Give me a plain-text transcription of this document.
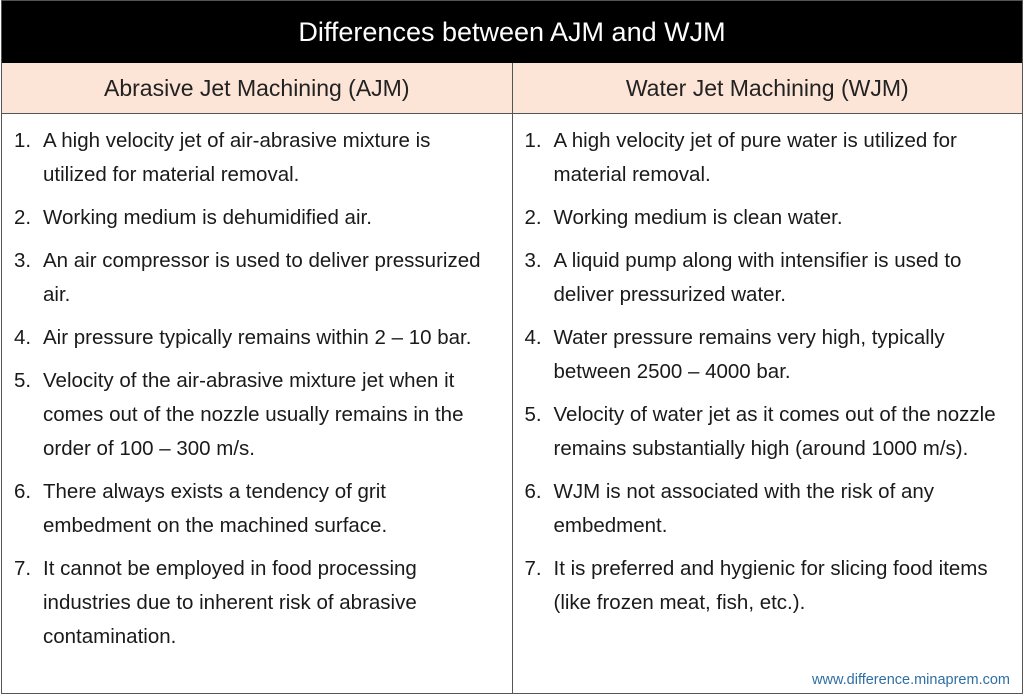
Differences between AJM and WJM
Abrasive Jet Machining (AJM)	Water Jet Machining (WJM)
1. A high velocity jet of air-abrasive mixture is utilized for material removal.
2. Working medium is dehumidified air.
3. An air compressor is used to deliver pressurized air.
4. Air pressure typically remains within 2 – 10 bar.
5. Velocity of the air-abrasive mixture jet when it comes out of the nozzle usually remains in the order of 100 – 300 m/s.
6. There always exists a tendency of grit embedment on the machined surface.
7. It cannot be employed in food processing industries due to inherent risk of abrasive contamination.
1. A high velocity jet of pure water is utilized for material removal.
2. Working medium is clean water.
3. A liquid pump along with intensifier is used to deliver pressurized water.
4. Water pressure remains very high, typically between 2500 – 4000 bar.
5. Velocity of water jet as it comes out of the nozzle remains substantially high (around 1000 m/s).
6. WJM is not associated with the risk of any embedment.
7. It is preferred and hygienic for slicing food items (like frozen meat, fish, etc.).
www.difference.minaprem.com
